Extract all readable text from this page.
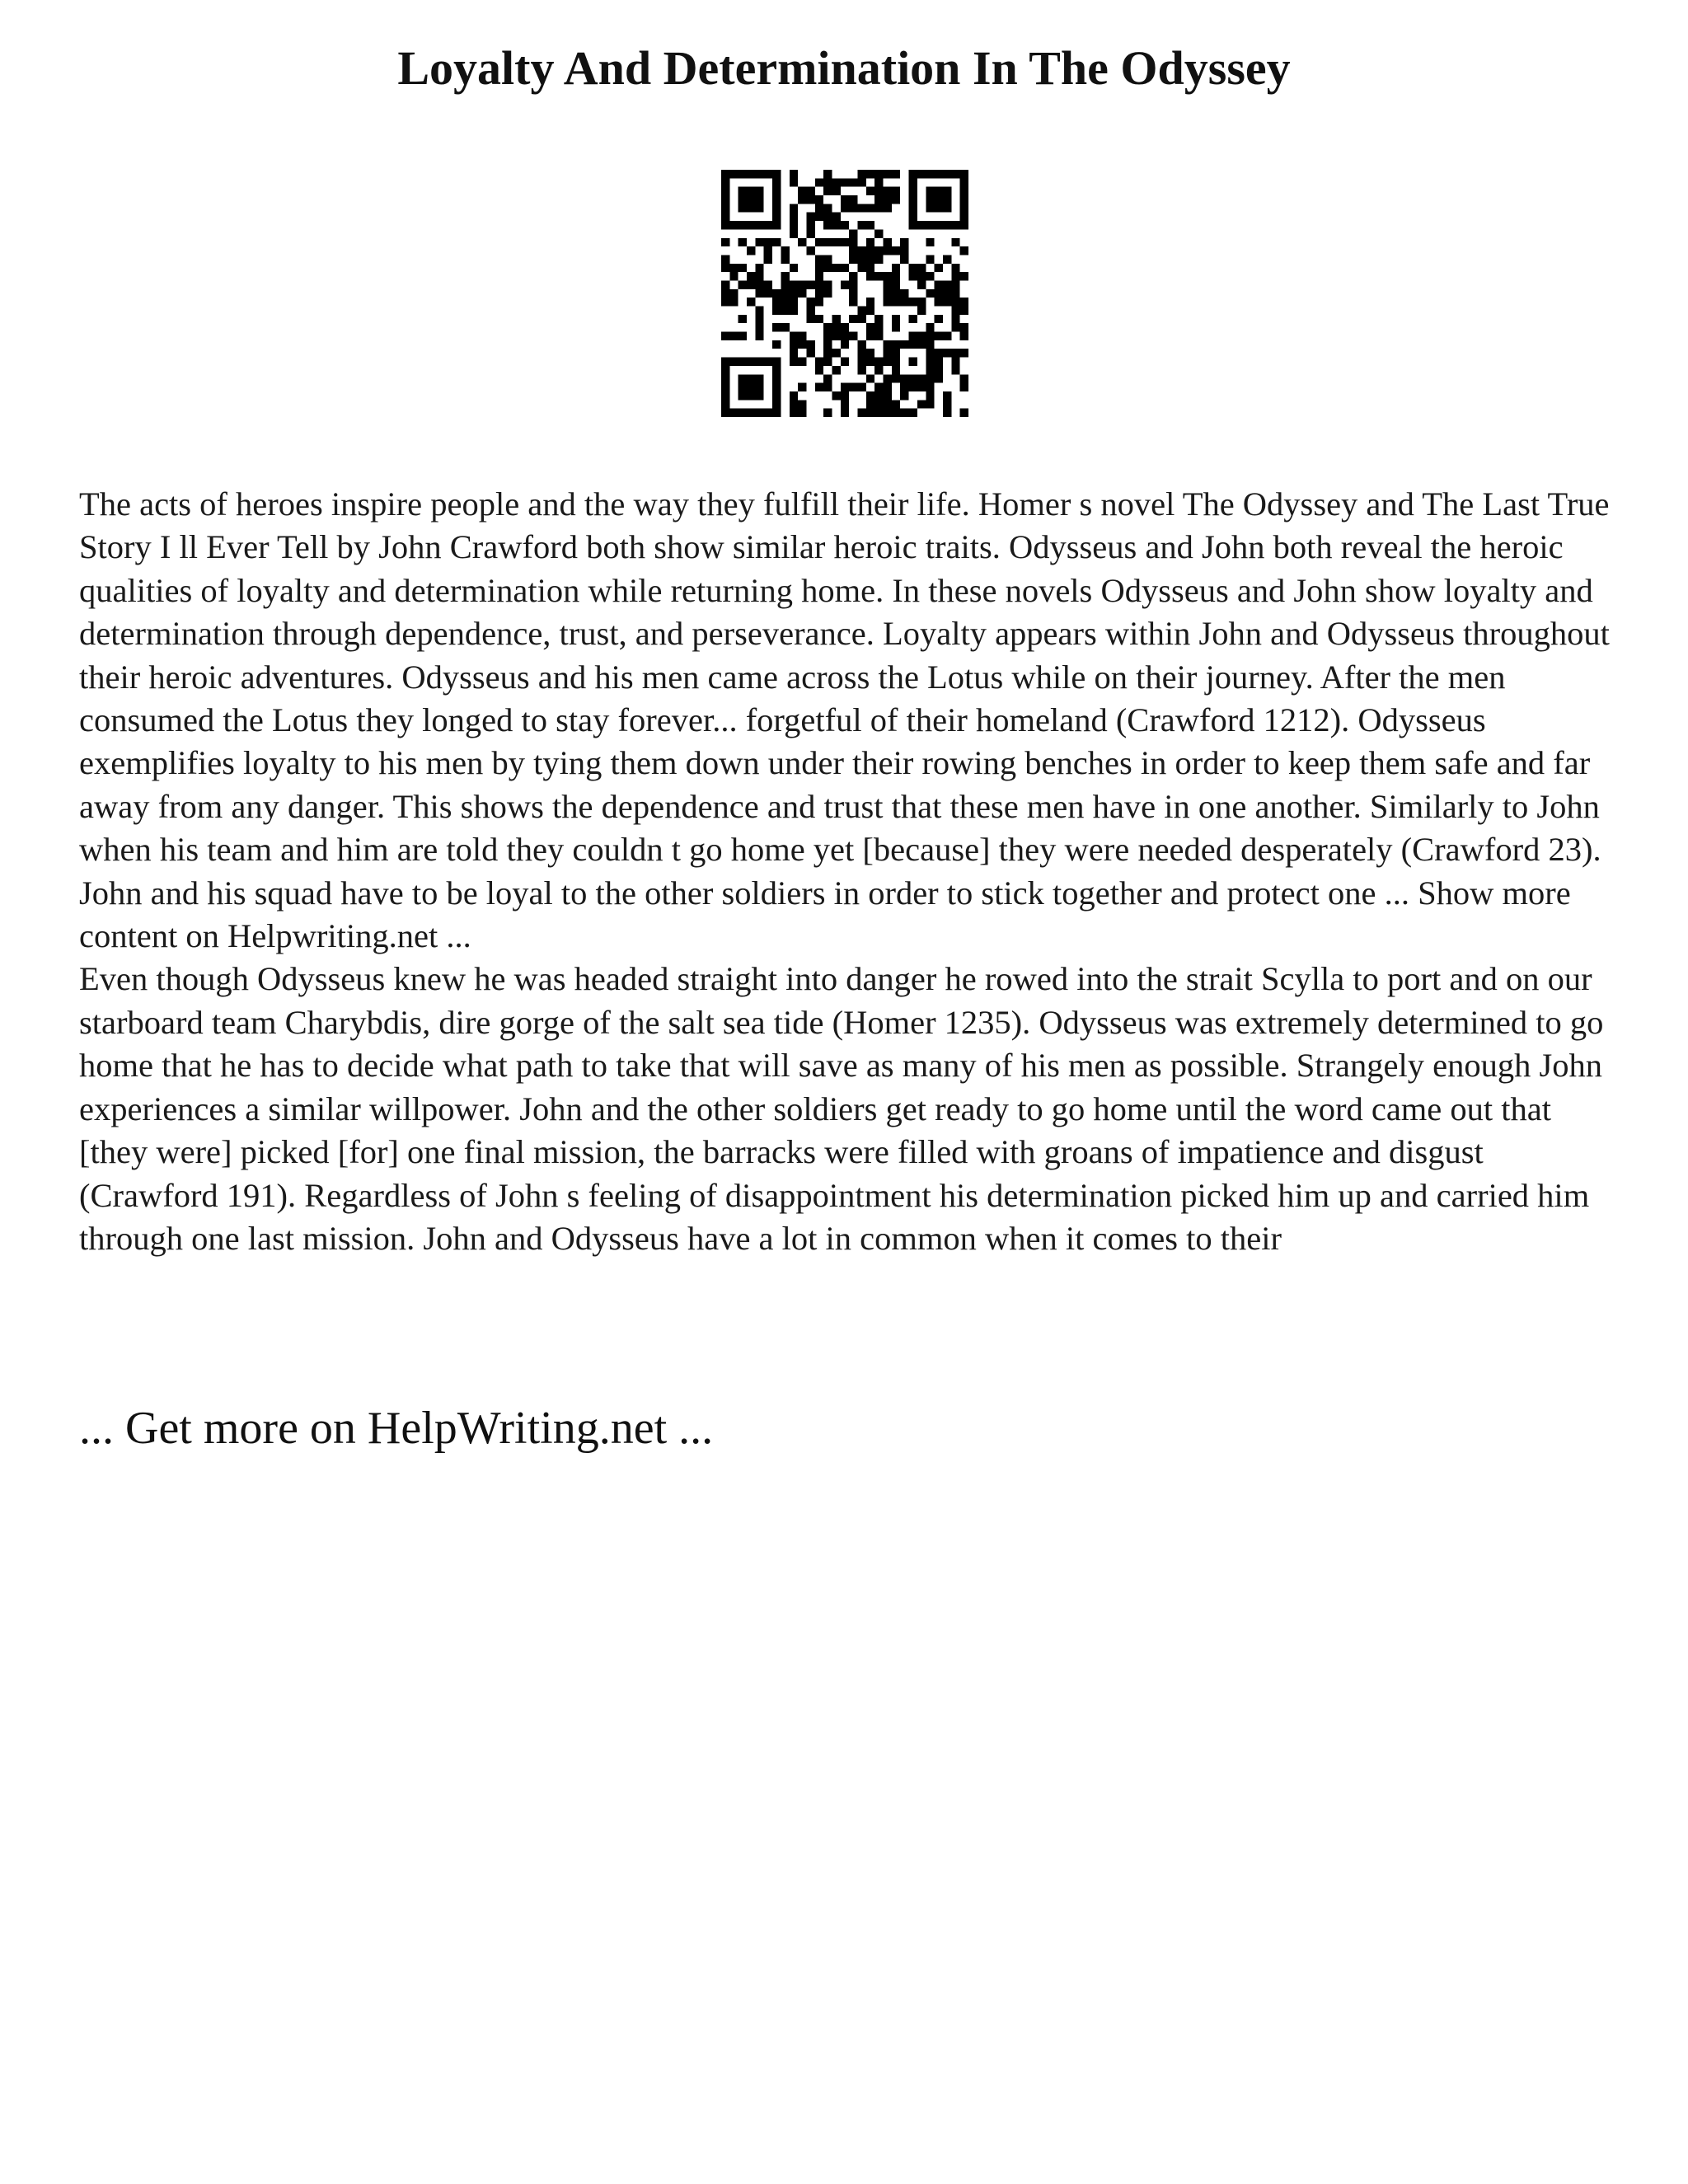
Loyalty And Determination In The Odyssey

The acts of heroes inspire people and the way they fulfill their life. Homer s novel The Odyssey and The Last True Story I ll Ever Tell by John Crawford both show similar heroic traits. Odysseus and John both reveal the heroic qualities of loyalty and determination while returning home. In these novels Odysseus and John show loyalty and determination through dependence, trust, and perseverance. Loyalty appears within John and Odysseus throughout their heroic adventures. Odysseus and his men came across the Lotus while on their journey. After the men consumed the Lotus they longed to stay forever... forgetful of their homeland (Crawford 1212). Odysseus exemplifies loyalty to his men by tying them down under their rowing benches in order to keep them safe and far away from any danger. This shows the dependence and trust that these men have in one another. Similarly to John when his team and him are told they couldn t go home yet [because] they were needed desperately (Crawford 23). John and his squad have to be loyal to the other soldiers in order to stick together and protect one ... Show more content on Helpwriting.net ...

Even though Odysseus knew he was headed straight into danger he rowed into the strait Scylla to port and on our starboard team Charybdis, dire gorge of the salt sea tide (Homer 1235). Odysseus was extremely determined to go home that he has to decide what path to take that will save as many of his men as possible. Strangely enough John experiences a similar willpower. John and the other soldiers get ready to go home until the word came out that [they were] picked [for] one final mission, the barracks were filled with groans of impatience and disgust (Crawford 191). Regardless of John s feeling of disappointment his determination picked him up and carried him through one last mission. John and Odysseus have a lot in common when it comes to their

... Get more on HelpWriting.net ...
